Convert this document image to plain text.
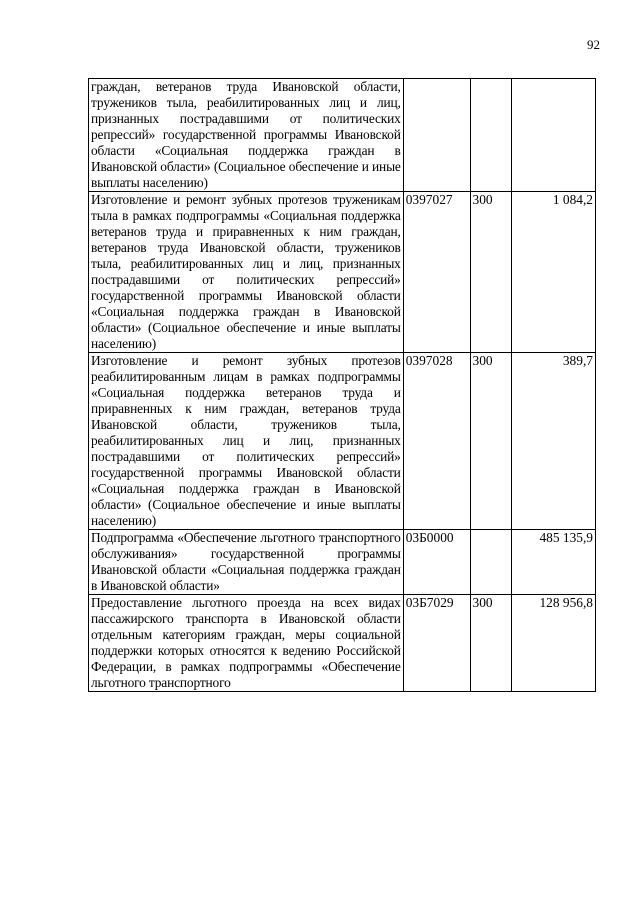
92
граждан, ветеранов труда Ивановской области, тружеников тыла, реабилитированных лиц и лиц, признанных пострадавшими от политических репрессий» государственной программы Ивановской области «Социальная поддержка граждан в Ивановской области» (Социальное обеспечение и иные выплаты населению)			
Изготовление и ремонт зубных протезов труженикам тыла в рамках подпрограммы «Социальная поддержка ветеранов труда и приравненных к ним граждан, ветеранов труда Ивановской области, тружеников тыла, реабилитированных лиц и лиц, признанных пострадавшими от политических репрессий» государственной программы Ивановской области «Социальная поддержка граждан в Ивановской области» (Социальное обеспечение и иные выплаты населению)	0397027	300	1 084,2
Изготовление и ремонт зубных протезов реабилитированным лицам в рамках подпрограммы «Социальная поддержка ветеранов труда и приравненных к ним граждан, ветеранов труда Ивановской области, тружеников тыла, реабилитированных лиц и лиц, признанных пострадавшими от политических репрессий» государственной программы Ивановской области «Социальная поддержка граждан в Ивановской области» (Социальное обеспечение и иные выплаты населению)	0397028	300	389,7
Подпрограмма «Обеспечение льготного транспортного обслуживания» государственной программы Ивановской области «Социальная поддержка граждан в Ивановской области»	03Б0000		485 135,9
Предоставление льготного проезда на всех видах пассажирского транспорта в Ивановской области отдельным категориям граждан, меры социальной поддержки которых относятся к ведению Российской Федерации, в рамках подпрограммы «Обеспечение льготного транспортного	03Б7029	300	128 956,8
